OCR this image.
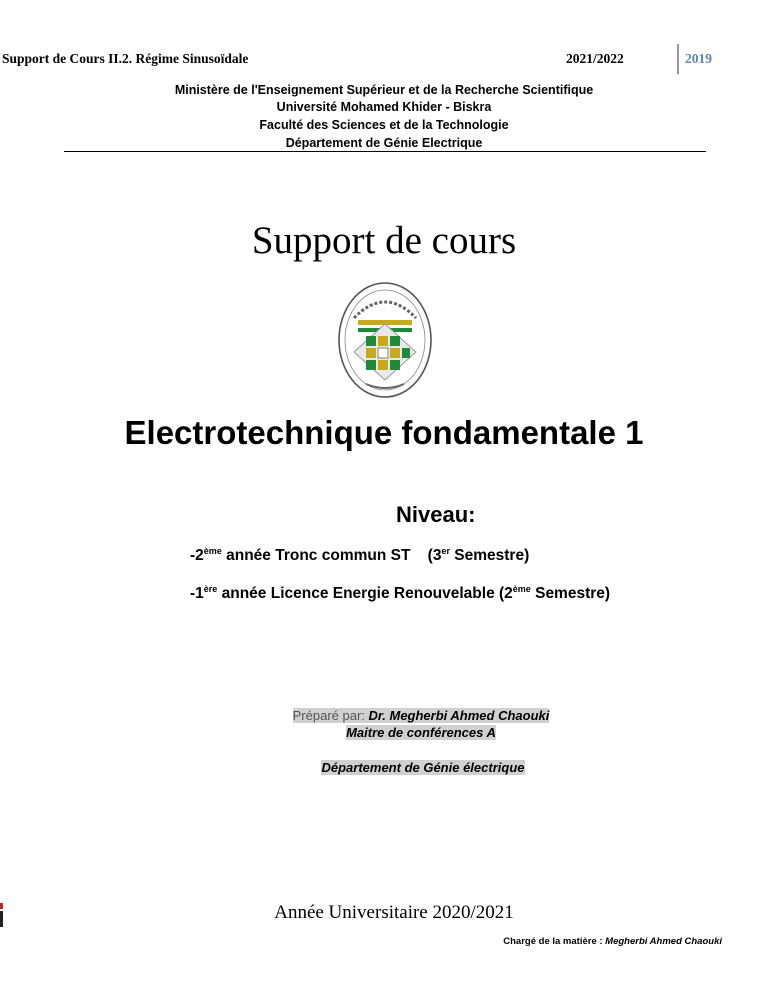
Support de Cours II.2. Régime Sinusoïdale	2021/2022	2019
Ministère de l'Enseignement Supérieur et de la Recherche Scientifique
Université Mohamed Khider - Biskra
Faculté des Sciences et de la Technologie
Département de Génie Electrique
Support de cours
Electrotechnique fondamentale 1
Niveau:
-2ème année Tronc commun ST    (3er Semestre)
-1ère année Licence Energie Renouvelable (2ème Semestre)
Préparé par: Dr. Megherbi Ahmed Chaouki
Maitre de conférences A
Département de Génie électrique
Année Universitaire 2020/2021
Chargé de la matière : Megherbi Ahmed Chaouki
